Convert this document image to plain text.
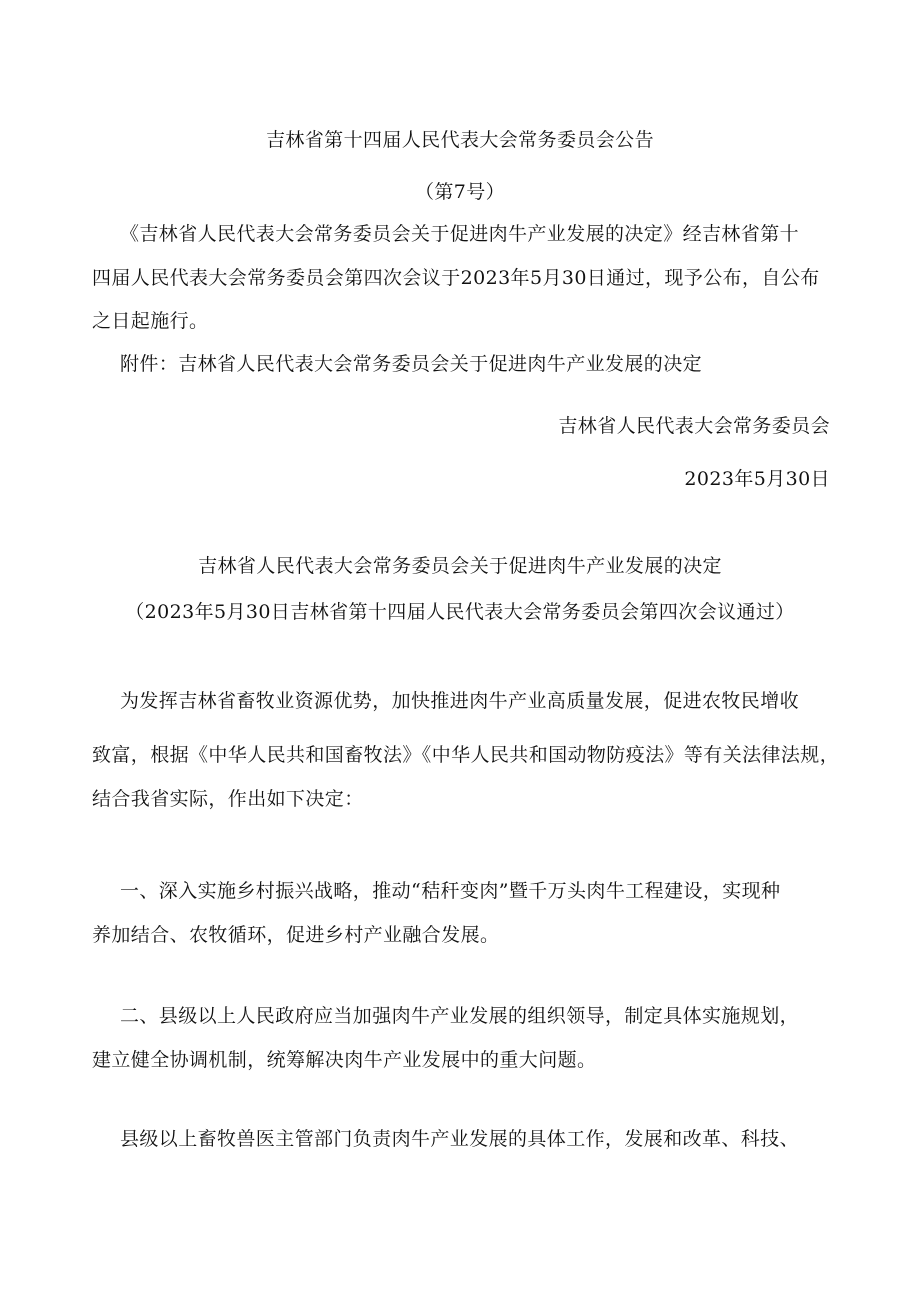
吉林省第十四届人民代表大会常务委员会公告
（第7号）
《吉林省人民代表大会常务委员会关于促进肉牛产业发展的决定》经吉林省第十
四届人民代表大会常务委员会第四次会议于2023年5月30日通过，现予公布，自公布
之日起施行。
附件：吉林省人民代表大会常务委员会关于促进肉牛产业发展的决定
吉林省人民代表大会常务委员会
2023年5月30日
吉林省人民代表大会常务委员会关于促进肉牛产业发展的决定
（2023年5月30日吉林省第十四届人民代表大会常务委员会第四次会议通过）
为发挥吉林省畜牧业资源优势，加快推进肉牛产业高质量发展，促进农牧民增收
致富，根据《中华人民共和国畜牧法》《中华人民共和国动物防疫法》等有关法律法规，
结合我省实际，作出如下决定：
一、深入实施乡村振兴战略，推动“秸秆变肉”暨千万头肉牛工程建设，实现种
养加结合、农牧循环，促进乡村产业融合发展。
二、县级以上人民政府应当加强肉牛产业发展的组织领导，制定具体实施规划，
建立健全协调机制，统筹解决肉牛产业发展中的重大问题。
县级以上畜牧兽医主管部门负责肉牛产业发展的具体工作，发展和改革、科技、
